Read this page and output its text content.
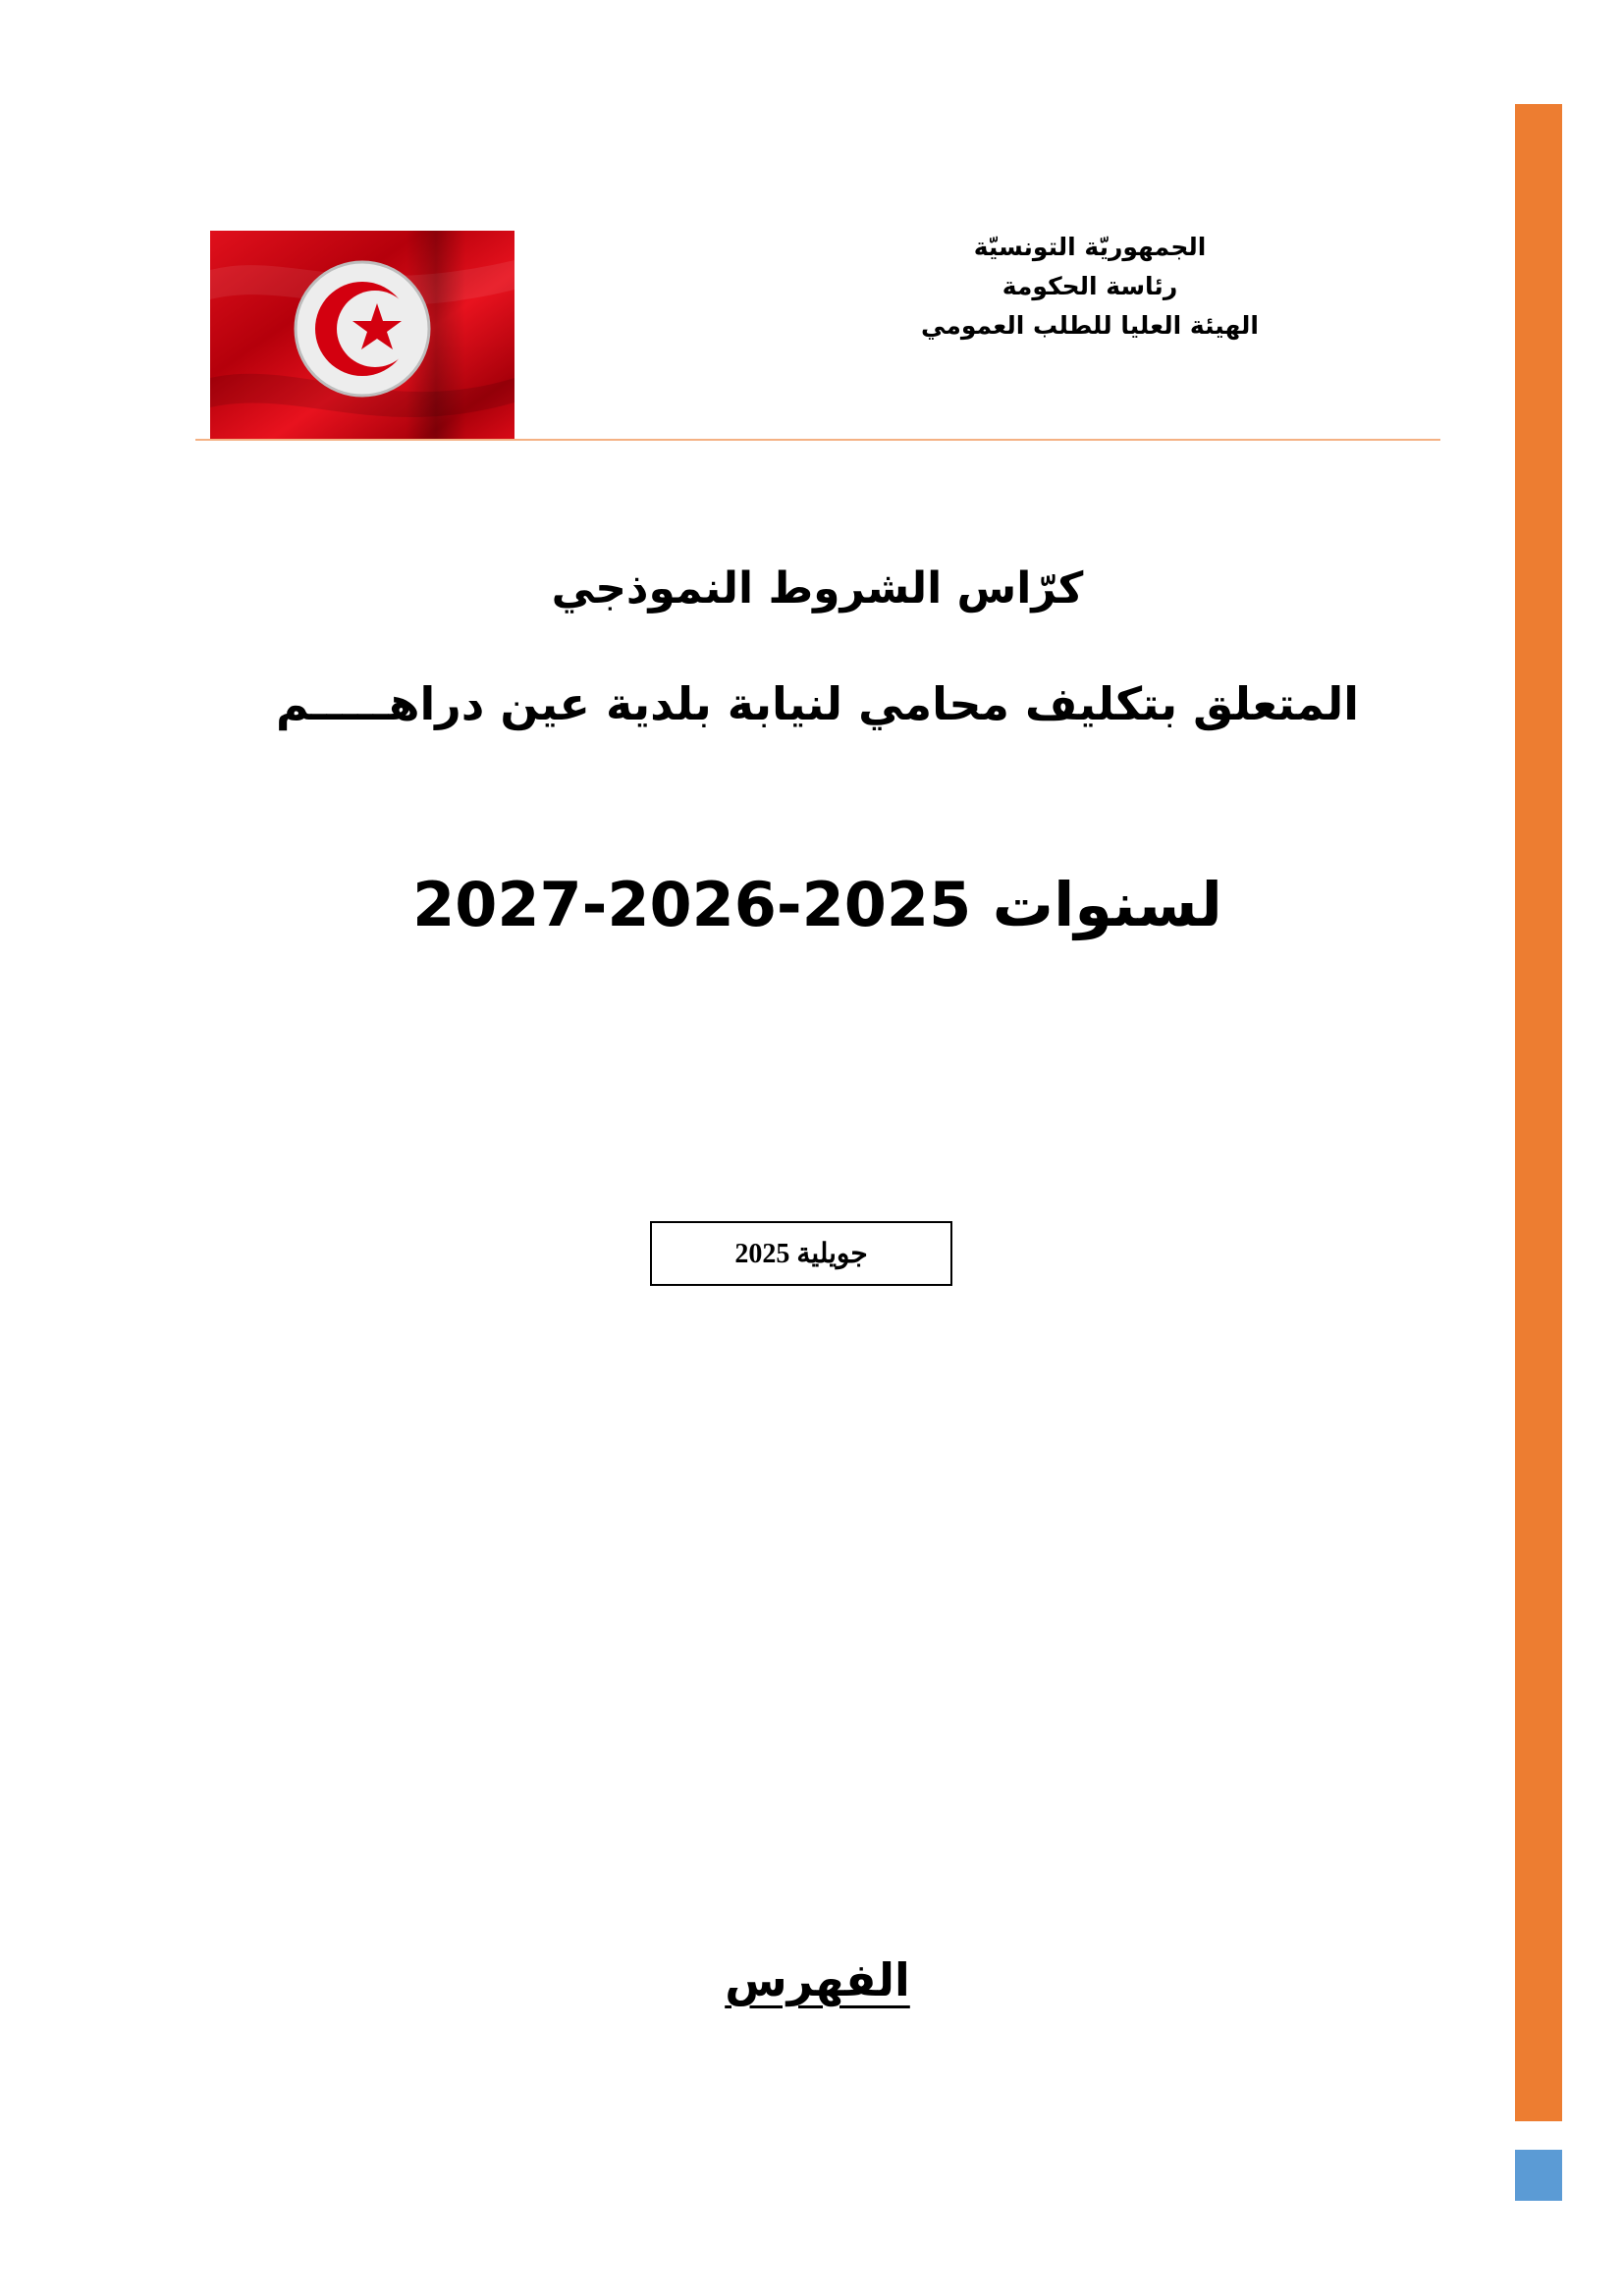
الجمهوريّة التونسيّة
رئاسة الحكومة
الهيئة العليا للطلب العمومي
كرّاس الشروط النموذجي
المتعلق بتكليف محامي لنيابة بلدية عين دراهـــــم
لسنوات 2025-2026-2027
جويلية 2025
الفهرس
